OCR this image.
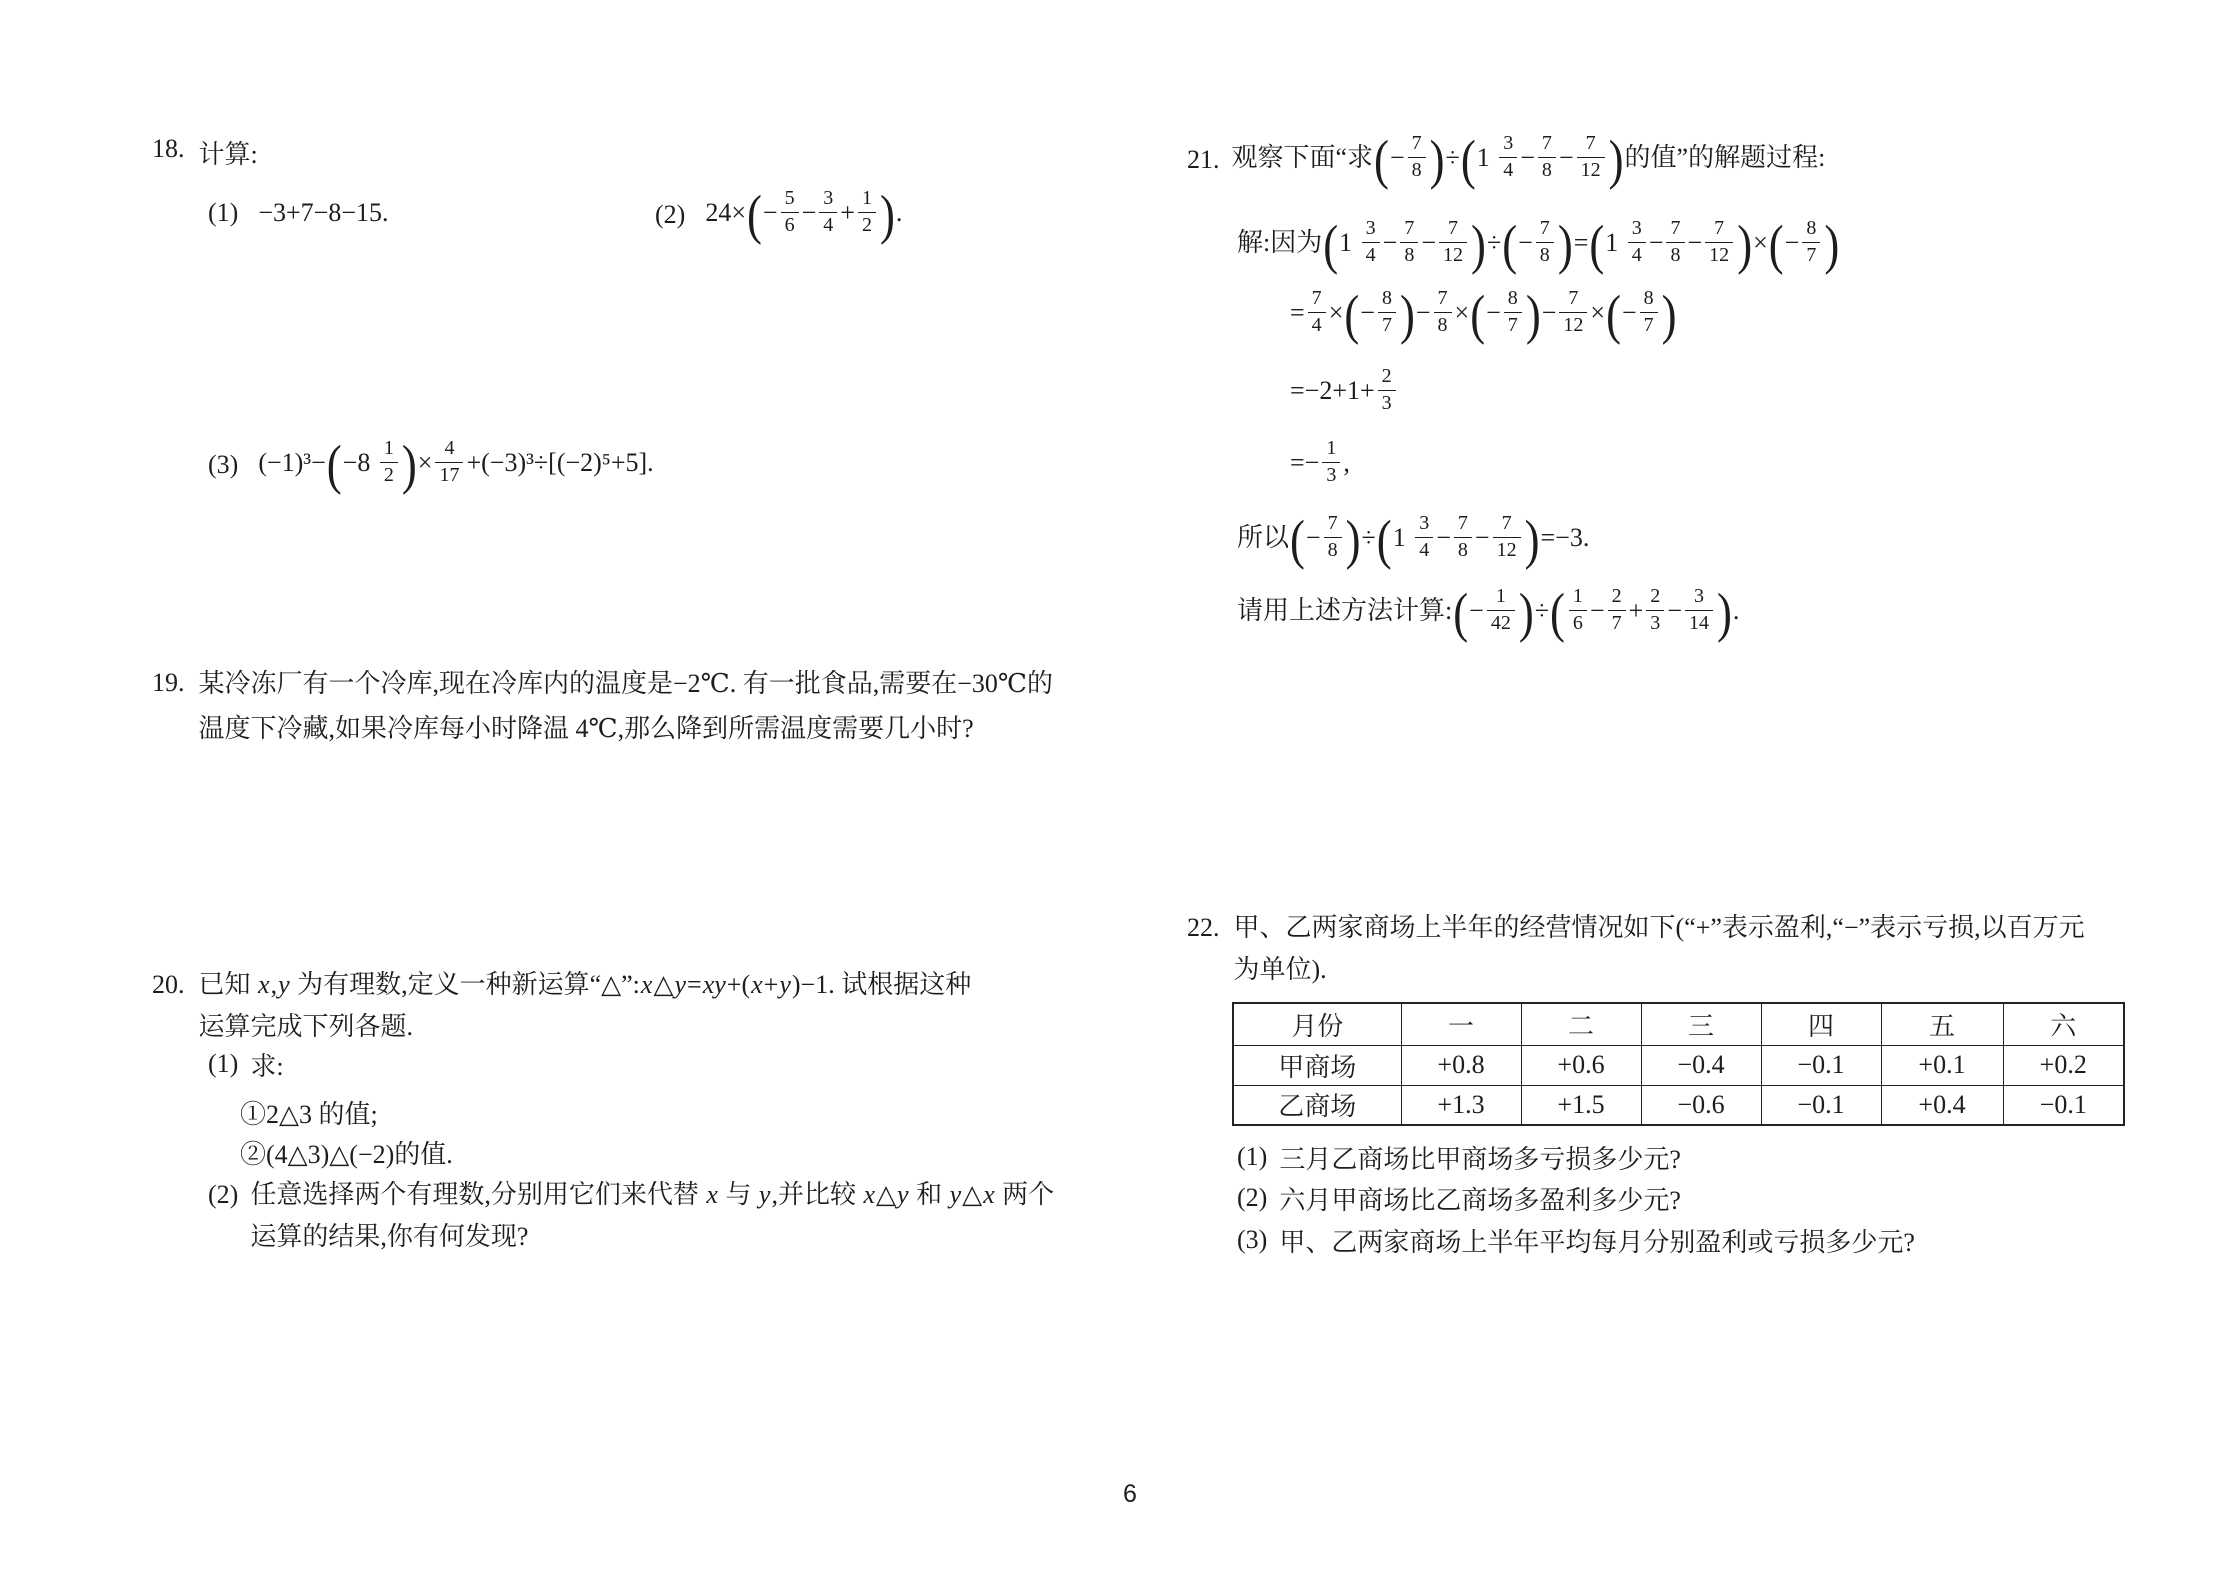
18. 计算:
(1) −3+7−8−15.	(2) $24\times(- \frac{5}{6} - \frac{3}{4} + \frac{1}{2}$ ).
(3) $(-1)^3-(-8 \frac{1}{2}$ )× $\frac{4}{17} +(-3)^3\div[(-2)^5+5]$.
19. 某冷冻厂有一个冷库,现在冷库内的温度是−2℃. 有一批食品,需要在−30℃的
温度下冷藏,如果冷库每小时降温 4℃,那么降到所需温度需要几小时?
20. 已知 x,y 为有理数,定义一种新运算“△”:x△y=xy+(x+y)−1. 试根据这种
运算完成下列各题.
(1) 求:
①2△3 的值;
②(4△3)△(−2)的值.
(2) 任意选择两个有理数,分别用它们来代替 x 与 y,并比较 x△y 和 y△x 两个
运算的结果,你有何发现?
21. 观察下面“求(− $\frac{7}{8} )\div(1 \frac{3}{4} - \frac{7}{8} - \frac{7}{12}$ )的值”的解题过程:
解:因为($1 \frac{3}{4} - \frac{7}{8} - \frac{7}{12}$ )÷(− $\frac{7}{8} )=(1 \frac{3}{4} - \frac{7}{8} - \frac{7}{12}$ )×(− $\frac{8}{7}$ )
= $\frac{7}{4}$ ×(− $\frac{8}{7}$ )− $\frac{7}{8}$ ×(− $\frac{8}{7}$ )− $\frac{7}{12}$ ×(− $\frac{8}{7}$ )
$=-2+1+ \frac{2}{3}$
=− $\frac{1}{3}$ ,
所以(− $\frac{7}{8} )\div(1 \frac{3}{4} - \frac{7}{8} - \frac{7}{12} )=-3$.
请用上述方法计算:(− $\frac{1}{42}$ )÷( $\frac{1}{6} - \frac{2}{7} + \frac{2}{3} - \frac{3}{14}$ ).
22. 甲、乙两家商场上半年的经营情况如下(“+”表示盈利,“−”表示亏损,以百万元
为单位).
月份	一	二	三	四	五	六
甲商场	+0.8	+0.6	−0.4	−0.1	+0.1	+0.2
乙商场	+1.3	+1.5	−0.6	−0.1	+0.4	−0.1
(1) 三月乙商场比甲商场多亏损多少元?
(2) 六月甲商场比乙商场多盈利多少元?
(3) 甲、乙两家商场上半年平均每月分别盈利或亏损多少元?
6
